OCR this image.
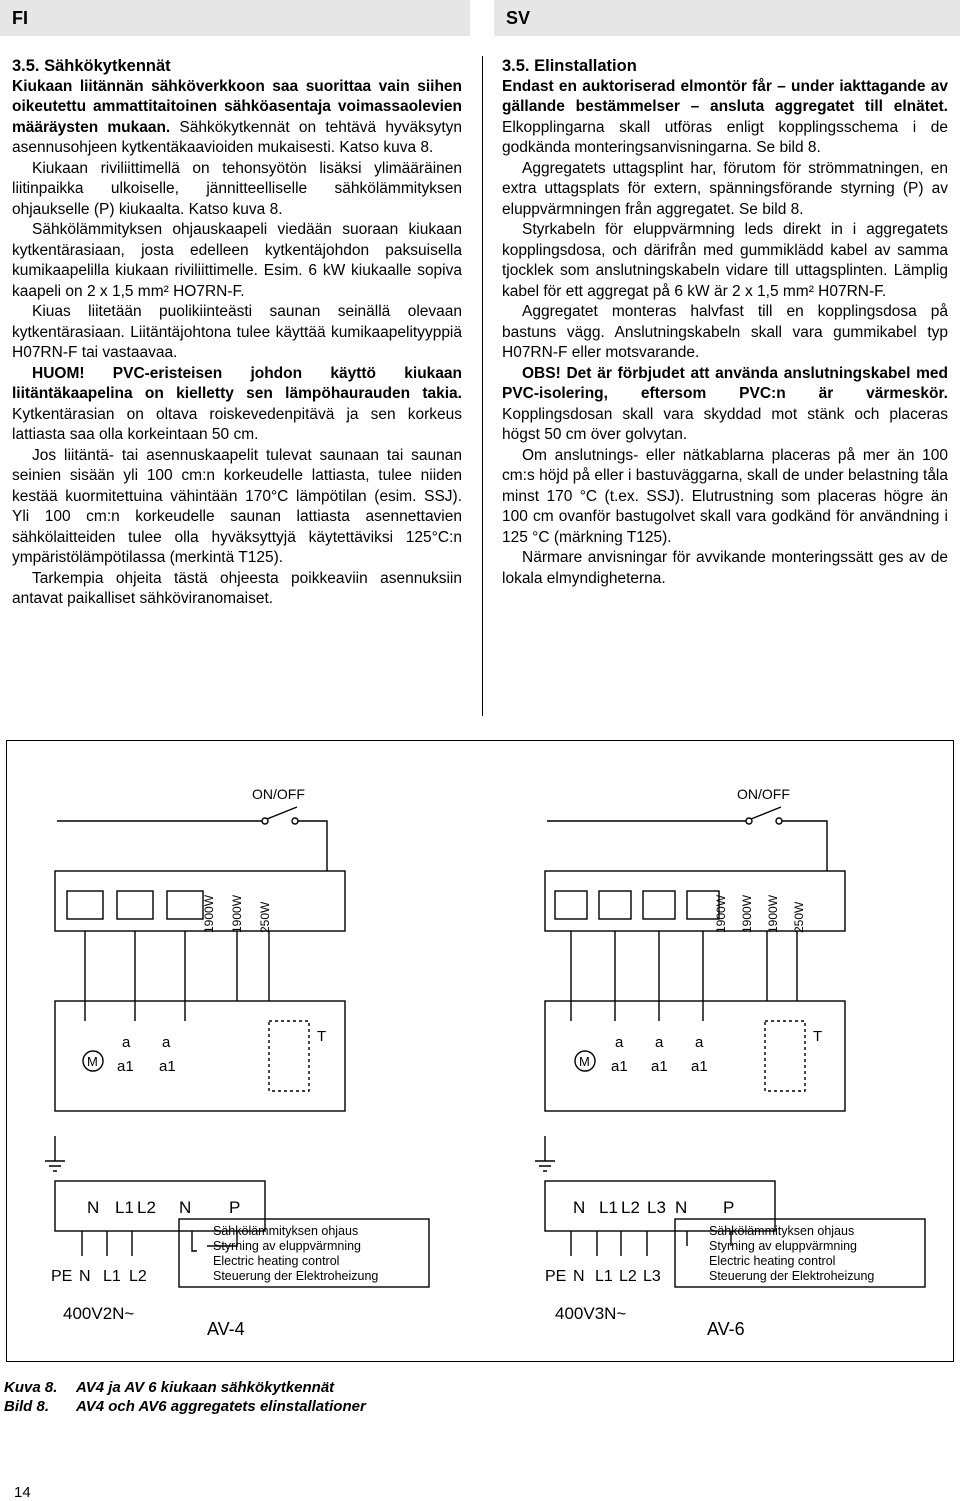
FI	SV

3.5. Sähkökytkennät

Kiukaan liitännän sähköverkkoon saa suorittaa vain siihen oikeutettu ammattitaitoinen sähköasentaja voimassaolevien määräysten mukaan. Sähkökytkennät on tehtävä hyväksytyn asennusohjeen kytkentäkaavioiden mukaisesti. Katso kuva 8.

Kiukaan riviliittimellä on tehonsyötön lisäksi ylimääräinen liitinpaikka ulkoiselle, jännitteelliselle sähkölämmityksen ohjaukselle (P) kiukaalta. Katso kuva 8.

Sähkölämmityksen ohjauskaapeli viedään suoraan kiukaan kytkentärasiaan, josta edelleen kytkentäjohdon paksuisella kumikaapelilla kiukaan riviliittimelle. Esim. 6 kW kiukaalle sopiva kaapeli on 2 x 1,5 mm² HO7RN-F.

Kiuas liitetään puolikiinteästi saunan seinällä olevaan kytkentärasiaan. Liitäntäjohtona tulee käyttää kumikaapelityyppiä H07RN-F tai vastaavaa.

HUOM! PVC-eristeisen johdon käyttö kiukaan liitäntäkaapelina on kielletty sen lämpöhaurauden takia. Kytkentärasian on oltava roiskevedenpitävä ja sen korkeus lattiasta saa olla korkeintaan 50 cm.

Jos liitäntä- tai asennuskaapelit tulevat saunaan tai saunan seinien sisään yli 100 cm:n korkeudelle lattiasta, tulee niiden kestää kuormitettuina vähintään 170°C lämpötilan (esim. SSJ). Yli 100 cm:n korkeudelle saunan lattiasta asennettavien sähkölaitteiden tulee olla hyväksyttyjä käytettäviksi 125°C:n ympäristölämpötilassa (merkintä T125).

Tarkempia ohjeita tästä ohjeesta poikkeaviin asennuksiin antavat paikalliset sähköviranomaiset.

3.5. Elinstallation

Endast en auktoriserad elmontör får – under iakttagande av gällande bestämmelser – ansluta aggregatet till elnätet. Elkopplingarna skall utföras enligt kopplingsschema i de godkända monteringsanvisningarna. Se bild 8.

Aggregatets uttagsplint har, förutom för strömmatningen, en extra uttagsplats för extern, spänningsförande styrning (P) av eluppvärmningen från aggregatet. Se bild 8.

Styrkabeln för eluppvärmning leds direkt in i aggregatets kopplingsdosa, och därifrån med gummiklädd kabel av samma tjocklek som anslutningskabeln vidare till uttagsplinten. Lämplig kabel för ett aggregat på 6 kW är 2 x 1,5 mm² H07RN-F.

Aggregatet monteras halvfast till en kopplingsdosa på bastuns vägg. Anslutningskabeln skall vara gummikabel typ H07RN-F eller motsvarande.

OBS! Det är förbjudet att använda anslutningskabel med PVC-isolering, eftersom PVC:n är värmeskör. Kopplingsdosan skall vara skyddad mot stänk och placeras högst 50 cm över golvytan.

Om anslutnings- eller nätkablarna placeras på mer än 100 cm:s höjd på eller i bastuväggarna, skall de under belastning tåla minst 170 °C (t.ex. SSJ). Elutrustning som placeras högre än 100 cm ovanför bastugolvet skall vara godkänd för användning i 125 °C (märkning T125).

Närmare anvisningar för avvikande monteringssätt ges av de lokala elmyndigheterna.

ON/OFF
1900W 1900W 250W
M
a a
a1 a1
T
N L1 L2 N P
PE N L1 L2
400V2N~
Sähkölämmityksen ohjaus
Styrning av eluppvärmning
Electric heating control
Steuerung der Elektroheizung
AV-4
ON/OFF
1900W 1900W 1900W 250W
M
a a a
a1 a1 a1
T
N L1 L2 L3 N P
PE N L1 L2 L3
400V3N~
Sähkölämmityksen ohjaus
Styrning av eluppvärmning
Electric heating control
Steuerung der Elektroheizung
AV-6
Kuva 8.	AV4 ja AV 6 kiukaan sähkökytkennät
Bild 8.	AV4 och AV6 aggregatets elinstallationer
14
